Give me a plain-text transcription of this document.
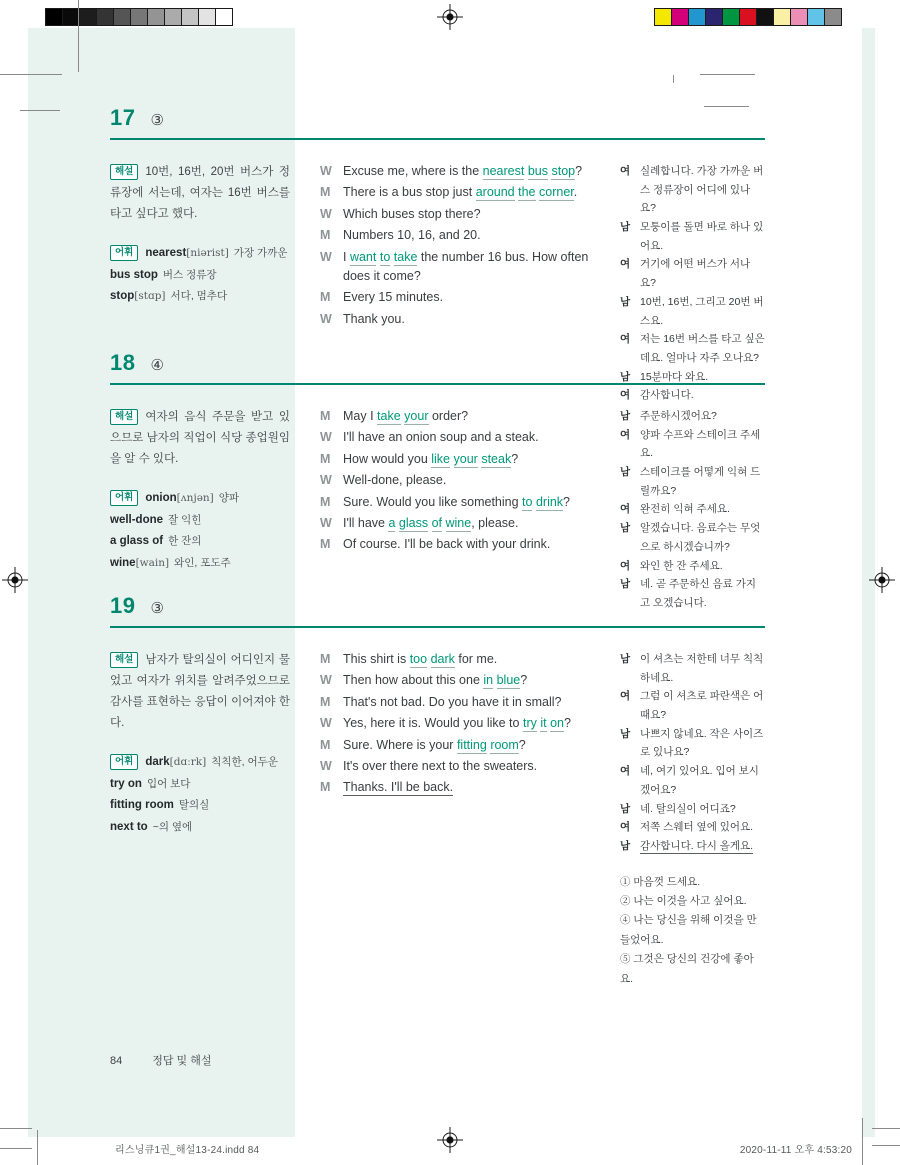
17 ③
해설 10번, 16번, 20번 버스가 정류장에 서는데, 여자는 16번 버스를 타고 싶다고 했다.
어휘 nearest[niərist] 가장 가까운
bus stop 버스 정류장
stop[stɑp] 서다, 멈추다
W Excuse me, where is the nearest bus stop?
M	There is a bus stop just around the corner.
W Which buses stop there?
M	Numbers 10, 16, and 20.
W I want to take the number 16 bus. How often does it come?
M	Every 15 minutes.
W Thank you.
여 실례합니다. 가장 가까운 버스 정류장이 어디에 있나요?
남 모퉁이를 돌면 바로 하나 있어요.
여 거기에 어떤 버스가 서나요?
남 10번, 16번, 그리고 20번 버스요.
여 저는 16번 버스를 타고 싶은데요. 얼마나 자주 오나요?
남 15분마다 와요.
여 감사합니다.
18 ④
해설 여자의 음식 주문을 받고 있으므로 남자의 직업이 식당 종업원임을 알 수 있다.
어휘 onion[ʌnjən] 양파
well-done 잘 익힌
a glass of 한 잔의
wine[wain] 와인, 포도주
M	May I take your order?
W I'll have an onion soup and a steak.
M	How would you like your steak?
W Well-done, please.
M	Sure. Would you like something to drink?
W I'll have a glass of wine, please.
M	Of course. I'll be back with your drink.
남 주문하시겠어요?
여 양파 수프와 스테이크 주세요.
남 스테이크를 어떻게 익혀 드릴까요?
여 완전히 익혀 주세요.
남 알겠습니다. 음료수는 무엇으로 하시겠습니까?
여 와인 한 잔 주세요.
남 네. 곧 주문하신 음료 가지고 오겠습니다.
19 ③
해설 남자가 탈의실이 어디인지 물었고 여자가 위치를 알려주었으므로 감사를 표현하는 응답이 이어져야 한다.
어휘 dark[dɑːrk] 칙칙한, 어두운
try on 입어 보다
fitting room 탈의실
next to ~의 옆에
M	This shirt is too dark for me.
W Then how about this one in blue?
M	That's not bad. Do you have it in small?
W Yes, here it is. Would you like to try it on?
M	Sure. Where is your fitting room?
W It's over there next to the sweaters.
M	Thanks. I'll be back.
남 이 셔츠는 저한테 너무 칙칙하네요.
여 그럼 이 셔츠로 파란색은 어때요?
남 나쁘지 않네요. 작은 사이즈로 있나요?
여 네, 여기 있어요. 입어 보시겠어요?
남 네. 탈의실이 어디죠?
여 저쪽 스웨터 옆에 있어요.
남 감사합니다. 다시 올게요.
① 마음껏 드세요.
② 나는 이것을 사고 싶어요.
④ 나는 당신을 위해 이것을 만들었어요.
⑤ 그것은 당신의 건강에 좋아요.
84	정답 및 해설
리스닝큐1권_해설13-24.indd 84	2020-11-11 오후 4:53:20
